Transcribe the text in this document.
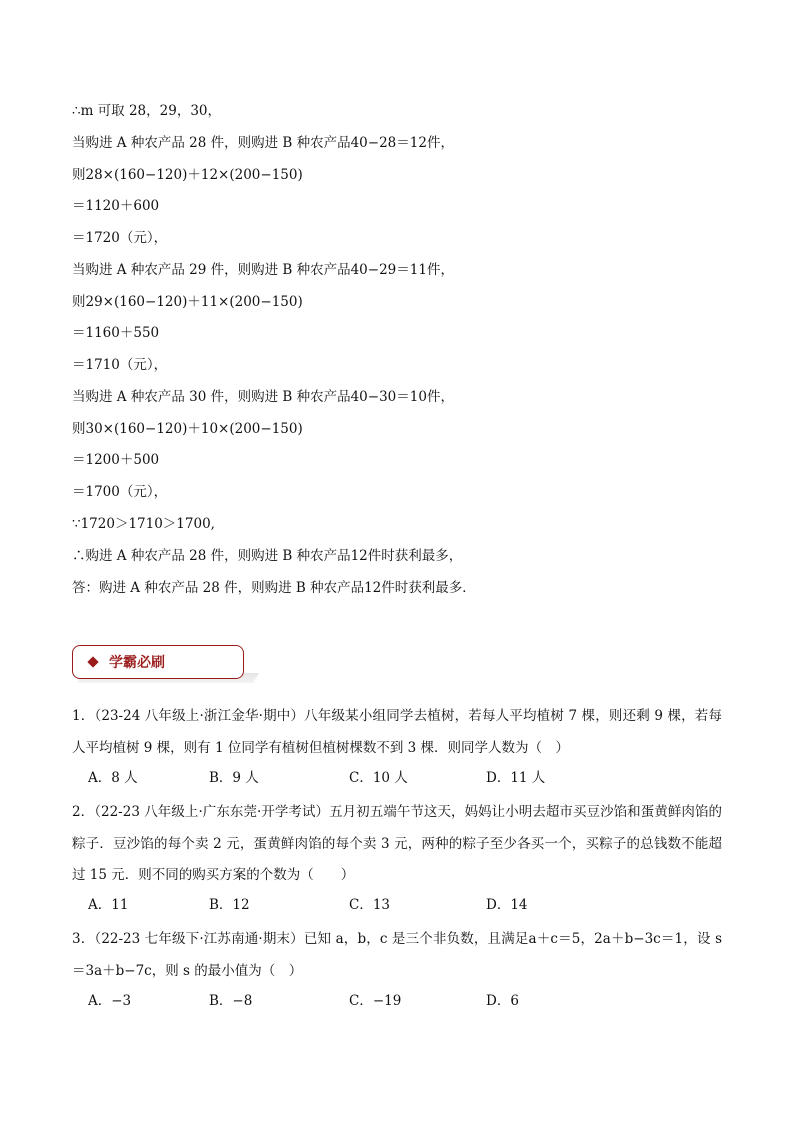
∴m 可取 28，29，30，
当购进 A 种农产品 28 件，则购进 B 种农产品40−28＝12件，
则28×(160−120)＋12×(200−150)
＝1120＋600
＝1720（元），
当购进 A 种农产品 29 件，则购进 B 种农产品40−29＝11件，
则29×(160−120)＋11×(200−150)
＝1160＋550
＝1710（元），
当购进 A 种农产品 30 件，则购进 B 种农产品40−30＝10件，
则30×(160−120)＋10×(200−150)
＝1200＋500
＝1700（元），
∵1720＞1710＞1700,
∴购进 A 种农产品 28 件，则购进 B 种农产品12件时获利最多，
答：购进 A 种农产品 28 件，则购进 B 种农产品12件时获利最多．
学霸必刷
1．（23-24 八年级上·浙江金华·期中）八年级某小组同学去植树，若每人平均植树 7 棵，则还剩 9 棵，若每人平均植树 9 棵，则有 1 位同学有植树但植树棵数不到 3 棵．则同学人数为（　）
A．8 人	B．9 人	C．10 人	D．11 人
2．（22-23 八年级上·广东东莞·开学考试）五月初五端午节这天，妈妈让小明去超市买豆沙馅和蛋黄鲜肉馅的粽子．豆沙馅的每个卖 2 元，蛋黄鲜肉馅的每个卖 3 元，两种的粽子至少各买一个，买粽子的总钱数不能超过 15 元．则不同的购买方案的个数为（　　）
A．11	B．12	C．13	D．14
3．（22-23 七年级下·江苏南通·期末）已知 a，b，c 是三个非负数，且满足a＋c＝5，2a＋b−3c＝1，设 s＝3a＋b−7c，则 s 的最小值为（　）
A．−3	B．−8	C．−19	D．6
